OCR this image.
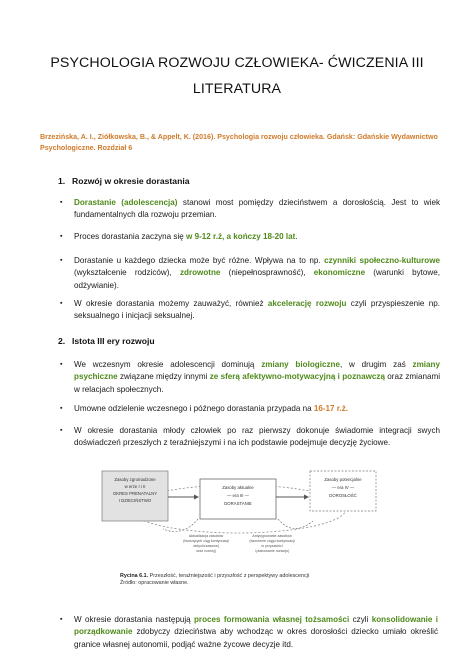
PSYCHOLOGIA ROZWOJU CZŁOWIEKA- ĆWICZENIA III
LITERATURA
Brzezińska, A. I., Ziółkowska, B., & Appelt, K. (2016). Psychologia rozwoju człowieka. Gdańsk: Gdańskie Wydawnictwo
Psychologiczne. Rozdział 6
1. Rozwój w okresie dorastania
▪ Dorastanie (adolescencja) stanowi most pomiędzy dzieciństwem a dorosłością. Jest to wiek fundamentalnych dla rozwoju przemian.
▪ Proces dorastania zaczyna się w 9-12 r.ż, a kończy 18-20 lat.
▪ Dorastanie u każdego dziecka może być różne. Wpływa na to np. czynniki społeczno-kulturowe (wykształcenie rodziców), zdrowotne (niepełnosprawność), ekonomiczne (warunki bytowe, odżywianie).
▪ W okresie dorastania możemy zauważyć, również akcelerację rozwoju czyli przyspieszenie np. seksualnego i inicjacji seksualnej.
2. Istota III ery rozwoju
▪ We wczesnym okresie adolescencji dominują zmiany biologiczne, w drugim zaś zmiany psychiczne związane między innymi ze sferą afektywno-motywacyjną i poznawczą oraz zmianami w relacjach społecznych.
▪ Umowne odzielenie wczesnego i późnego dorastania przypada na 16-17 r.ż.
▪ W okresie dorastania młody człowiek po raz pierwszy dokonuje świadomie integracji swych doświadczeń przeszłych z teraźniejszymi i na ich podstawie podejmuje decyzję życiowe.
Zasoby zgromadzone
w erze I i II
OKRES PRENATALNY
I DZIECIŃSTWO
Zasoby aktualne
— era III —
DORASTANIE
Zasoby potencjalne
— era IV —
DOROSŁOŚĆ
Aktualizacja zasobów
(tworzących ciąg kontynuacji
dotychczasowej
oraz rozwój)
Antycypowanie zasobów
(tworzenie ciągu kontynuacji
w przyszłości
i planowanie rozwoju)
Rycina 6.1. Przeszłość, teraźniejszość i przyszłość z perspektywy adolescencji
Źródło: opracowanie własne.
▪ W okresie dorastania następują proces formowania własnej tożsamości czyli konsolidowanie i porządkowanie zdobyczy dzieciństwa aby wchodząc w okres dorosłości dziecko umiało określić granice własnej autonomii, podjąć ważne życowe decyzje itd.
